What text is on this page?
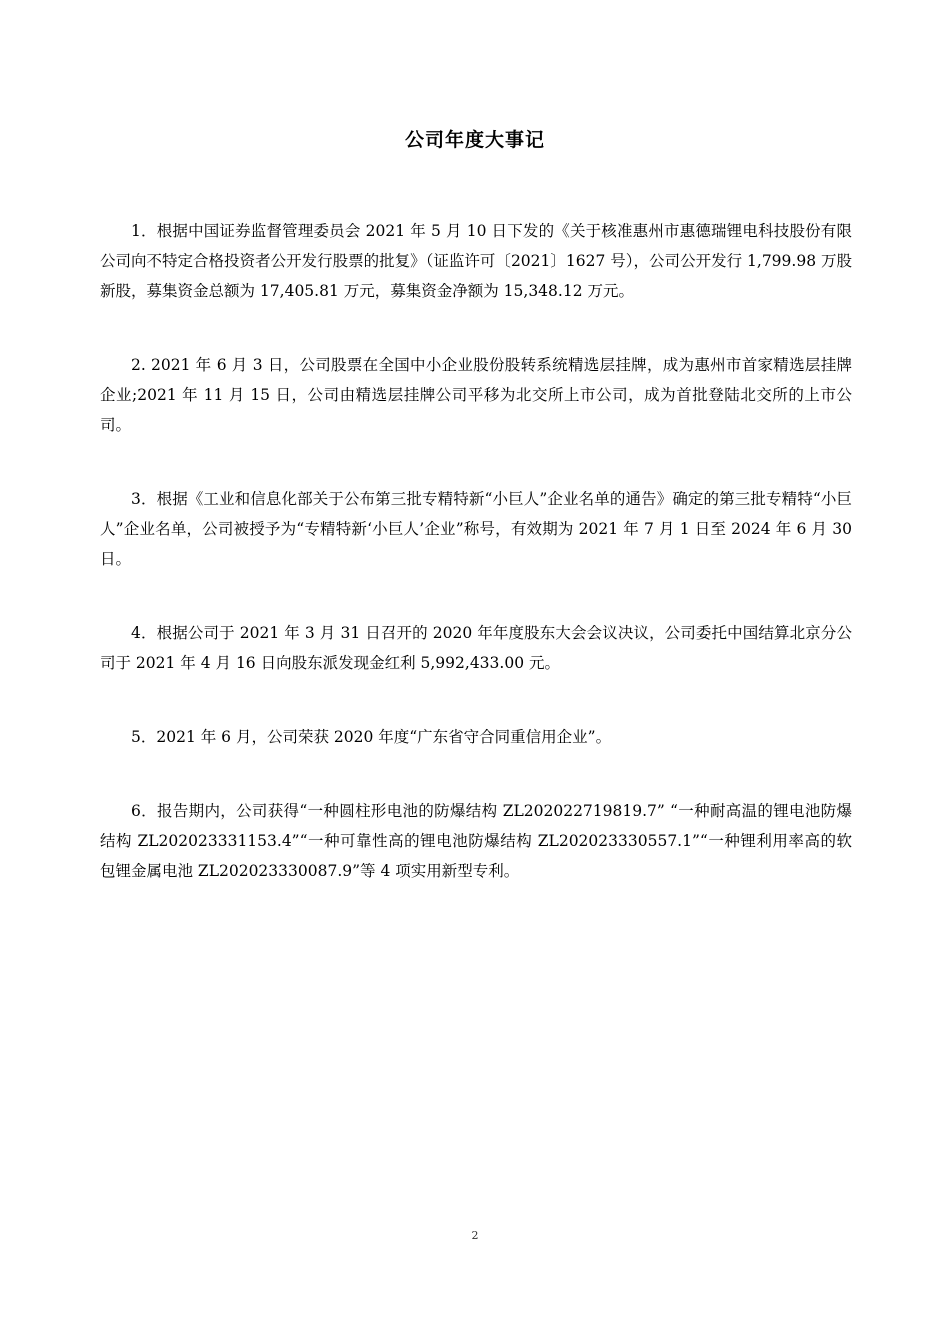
公司年度大事记

1．根据中国证券监督管理委员会 2021 年 5 月 10 日下发的《关于核准惠州市惠德瑞锂电科技股份有限公司向不特定合格投资者公开发行股票的批复》（证监许可〔2021〕1627 号），公司公开发行 1,799.98 万股新股，募集资金总额为 17,405.81 万元，募集资金净额为 15,348.12 万元。

2. 2021 年 6 月 3 日，公司股票在全国中小企业股份股转系统精选层挂牌，成为惠州市首家精选层挂牌企业;2021 年 11 月 15 日，公司由精选层挂牌公司平移为北交所上市公司，成为首批登陆北交所的上市公司。

3．根据《工业和信息化部关于公布第三批专精特新“小巨人”企业名单的通告》确定的第三批专精特“小巨人”企业名单，公司被授予为“专精特新‘小巨人’企业”称号，有效期为 2021 年 7 月 1 日至 2024 年 6 月 30 日。

4．根据公司于 2021 年 3 月 31 日召开的 2020 年年度股东大会会议决议，公司委托中国结算北京分公司于 2021 年 4 月 16 日向股东派发现金红利 5,992,433.00 元。

5．2021 年 6 月，公司荣获 2020 年度“广东省守合同重信用企业”。

6．报告期内，公司获得“一种圆柱形电池的防爆结构 ZL202022719819.7” “一种耐高温的锂电池防爆结构 ZL202023331153.4”“一种可靠性高的锂电池防爆结构 ZL202023330557.1”“一种锂利用率高的软包锂金属电池 ZL202023330087.9”等 4 项实用新型专利。

2
